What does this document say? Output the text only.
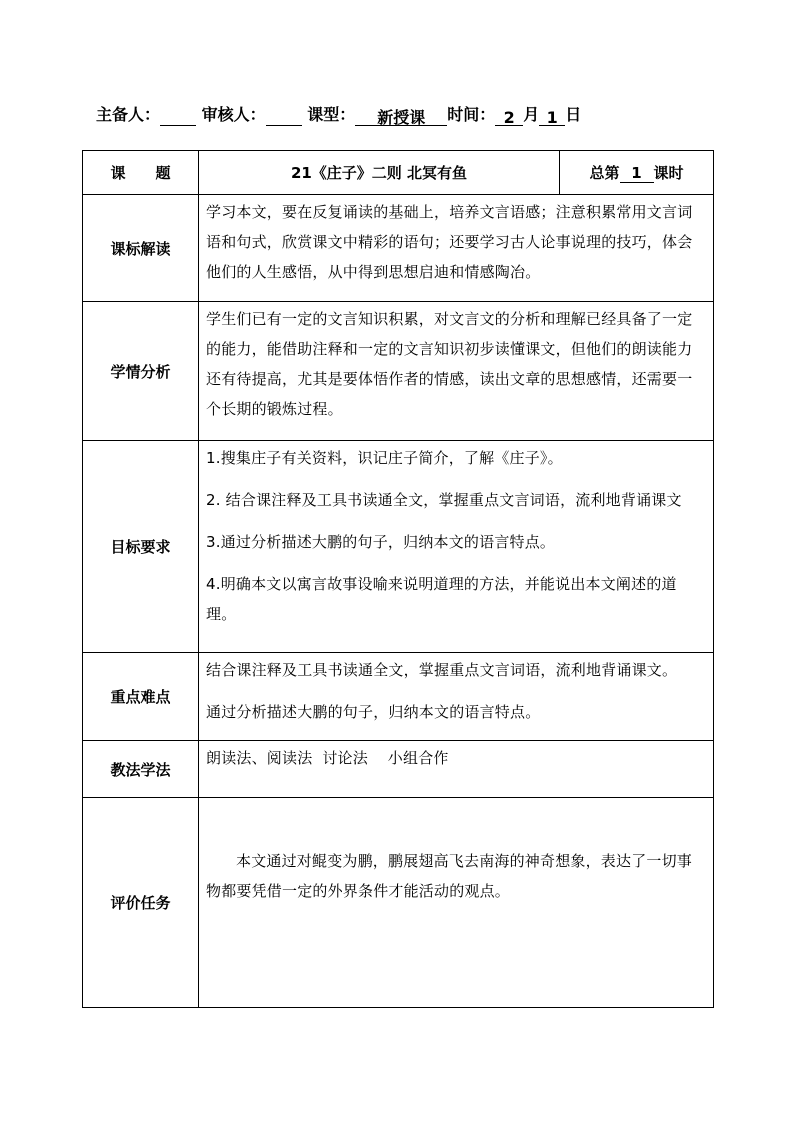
主备人：	审核人：	课型： 新授课 时间： 2 月 1 日
课　　题	21《庄子》二则 北冥有鱼	总第 1 课时
课标解读	学习本文，要在反复诵读的基础上，培养文言语感；注意积累常用文言词语和句式，欣赏课文中精彩的语句；还要学习古人论事说理的技巧，体会他们的人生感悟，从中得到思想启迪和情感陶冶。	
学情分析	学生们已有一定的文言知识积累，对文言文的分析和理解已经具备了一定的能力，能借助注释和一定的文言知识初步读懂课文，但他们的朗读能力还有待提高，尤其是要体悟作者的情感，读出文章的思想感情，还需要一个长期的锻炼过程。	
目标要求	1.搜集庄子有关资料，识记庄子简介，了解《庄子》。

2. 结合课注释及工具书读通全文，掌握重点文言词语，流利地背诵课文

3.通过分析描述大鹏的句子，归纳本文的语言特点。

4.明确本文以寓言故事设喻来说明道理的方法，并能说出本文阐述的道理。	

重点难点	结合课注释及工具书读通全文，掌握重点文言词语，流利地背诵课文。

通过分析描述大鹏的句子，归纳本文的语言特点。	

教法学法	朗读法、阅读法  讨论法    小组合作	
评价任务	本文通过对鲲变为鹏，鹏展翅高飞去南海的神奇想象，表达了一切事物都要凭借一定的外界条件才能活动的观点。	
